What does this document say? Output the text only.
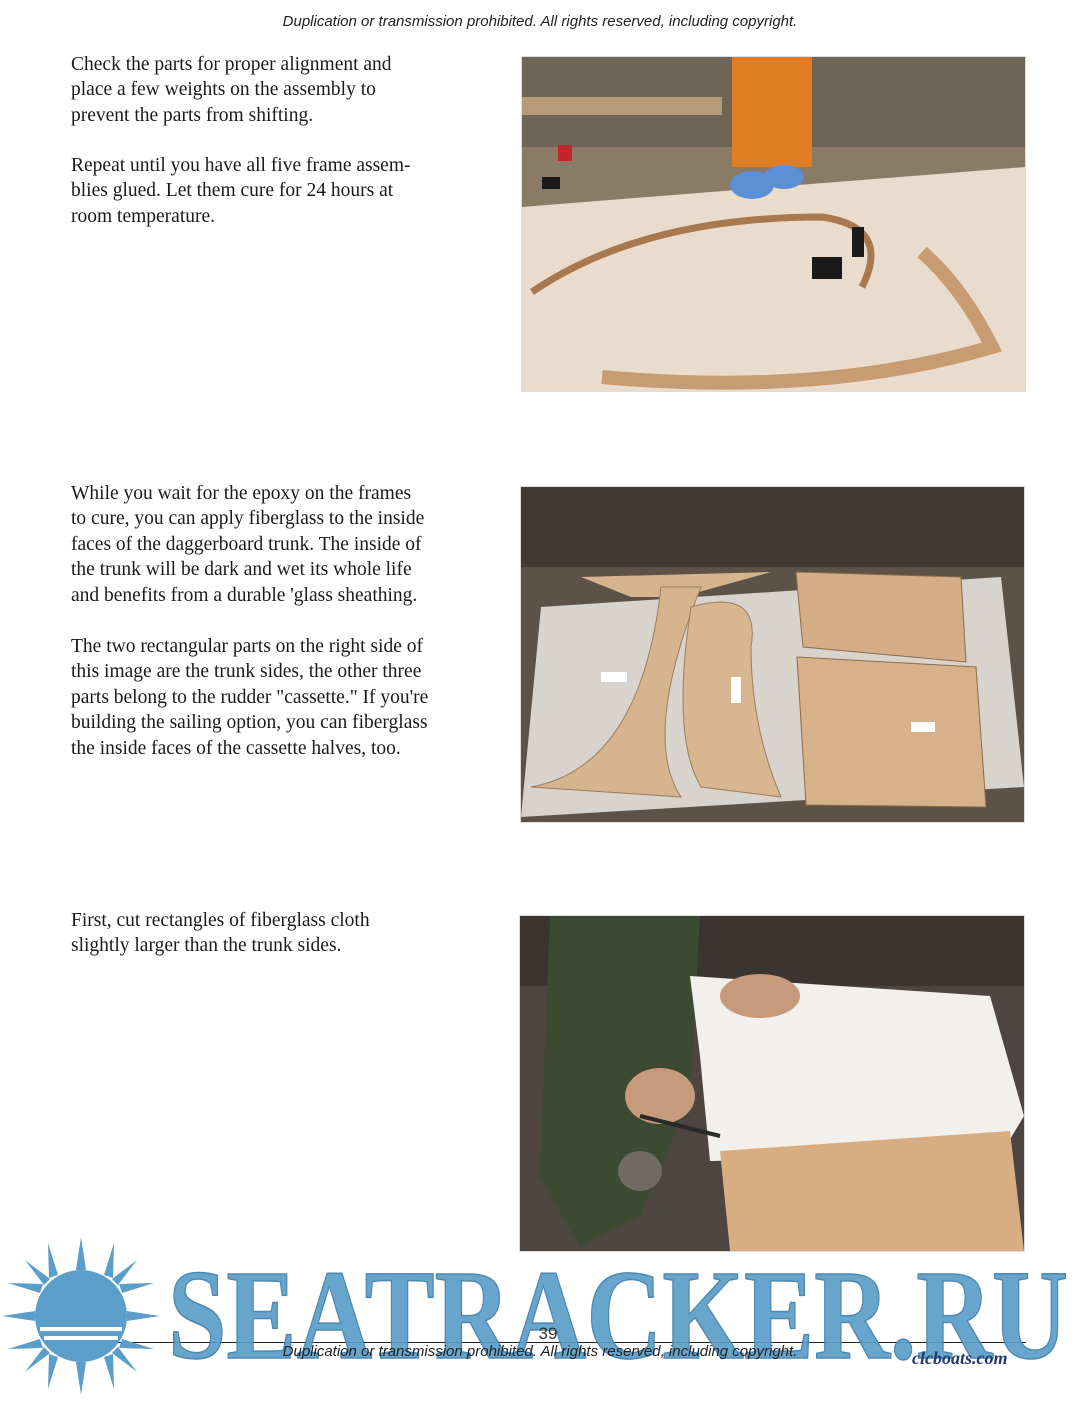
Duplication or transmission prohibited. All rights reserved, including copyright.

Check the parts for proper alignment and
place a few weights on the assembly to
prevent the parts from shifting.

Repeat until you have all five frame assem-
blies glued. Let them cure for 24 hours at
room temperature.

While you wait for the epoxy on the frames
to cure, you can apply fiberglass to the inside
faces of the daggerboard trunk. The inside of
the trunk will be dark and wet its whole life
and benefits from a durable 'glass sheathing.

The two rectangular parts on the right side of
this image are the trunk sides, the other three
parts belong to the rudder "cassette." If you're
building the sailing option, you can fiberglass
the inside faces of the cassette halves, too.

First, cut rectangles of fiberglass cloth
slightly larger than the trunk sides.

39
Duplication or transmission prohibited. All rights reserved, including copyright.	clcboats.com
SEATRACKER.RU
